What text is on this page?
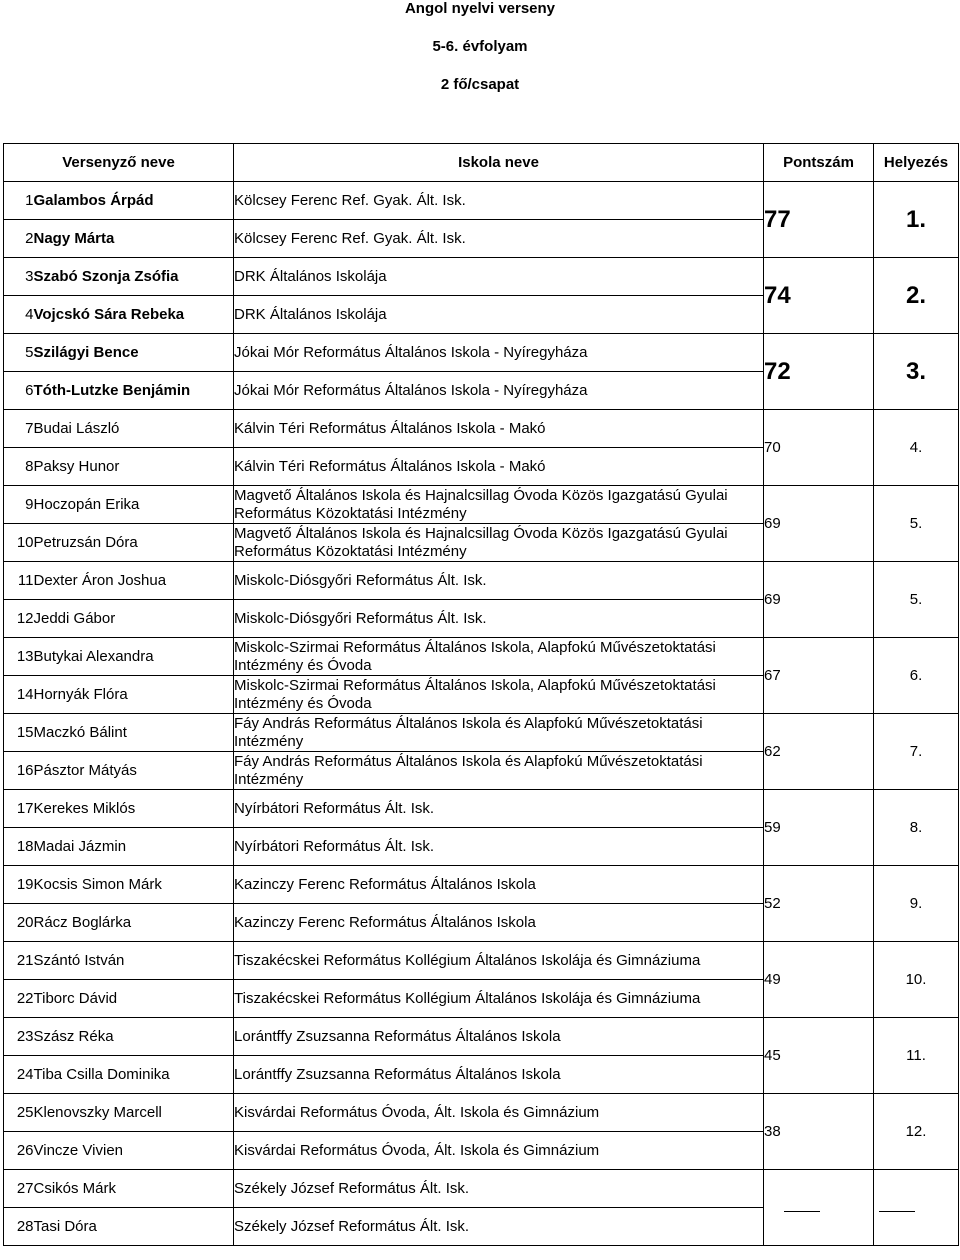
Angol nyelvi verseny
5-6. évfolyam
2 fő/csapat
Versenyző neve		Iskola neve	Pontszám	Helyezés
1	Galambos Árpád	Kölcsey Ferenc Ref. Gyak. Ált. Isk.	77	1.
2	Nagy Márta	Kölcsey Ferenc Ref. Gyak. Ált. Isk.		
3	Szabó Szonja Zsófia	DRK Általános Iskolája	74	2.
4	Vojcskó Sára Rebeka	DRK Általános Iskolája		
5	Szilágyi Bence	Jókai Mór Református Általános Iskola - Nyíregyháza	72	3.
6	Tóth-Lutzke Benjámin	Jókai Mór Református Általános Iskola - Nyíregyháza		
7	Budai László	Kálvin Téri Református Általános Iskola - Makó	70	4.
8	Paksy Hunor	Kálvin Téri Református Általános Iskola - Makó		
9	Hoczopán Erika	Magvető Általános Iskola és Hajnalcsillag Óvoda Közös Igazgatású Gyulai Református Közoktatási Intézmény	69	5.
10	Petruzsán Dóra	Magvető Általános Iskola és Hajnalcsillag Óvoda Közös Igazgatású Gyulai Református Közoktatási Intézmény		
11	Dexter Áron Joshua	Miskolc-Diósgyőri Református Ált. Isk.	69	5.
12	Jeddi Gábor	Miskolc-Diósgyőri Református Ált. Isk.		
13	Butykai Alexandra	Miskolc-Szirmai Református Általános Iskola, Alapfokú Művészetoktatási Intézmény és Óvoda	67	6.
14	Hornyák Flóra	Miskolc-Szirmai Református Általános Iskola, Alapfokú Művészetoktatási Intézmény és Óvoda		
15	Maczkó Bálint	Fáy András Református Általános Iskola és Alapfokú Művészetoktatási Intézmény	62	7.
16	Pásztor Mátyás	Fáy András Református Általános Iskola és Alapfokú Művészetoktatási Intézmény		
17	Kerekes Miklós	Nyírbátori Református Ált. Isk.	59	8.
18	Madai Jázmin	Nyírbátori Református Ált. Isk.		
19	Kocsis Simon Márk	Kazinczy Ferenc Református Általános Iskola	52	9.
20	Rácz Boglárka	Kazinczy Ferenc Református Általános Iskola		
21	Szántó István	Tiszakécskei Református Kollégium Általános Iskolája és Gimnáziuma	49	10.
22	Tiborc Dávid	Tiszakécskei Református Kollégium Általános Iskolája és Gimnáziuma		
23	Szász Réka	Lorántffy Zsuzsanna Református Általános Iskola	45	11.
24	Tiba Csilla Dominika	Lorántffy Zsuzsanna Református Általános Iskola		
25	Klenovszky Marcell	Kisvárdai Református Óvoda, Ált. Iskola és Gimnázium	38	12.
26	Vincze Vivien	Kisvárdai Református Óvoda, Ált. Iskola és Gimnázium		
27	Csikós Márk	Székely József Református Ált. Isk.		
28	Tasi Dóra	Székely József Református Ált. Isk.		
